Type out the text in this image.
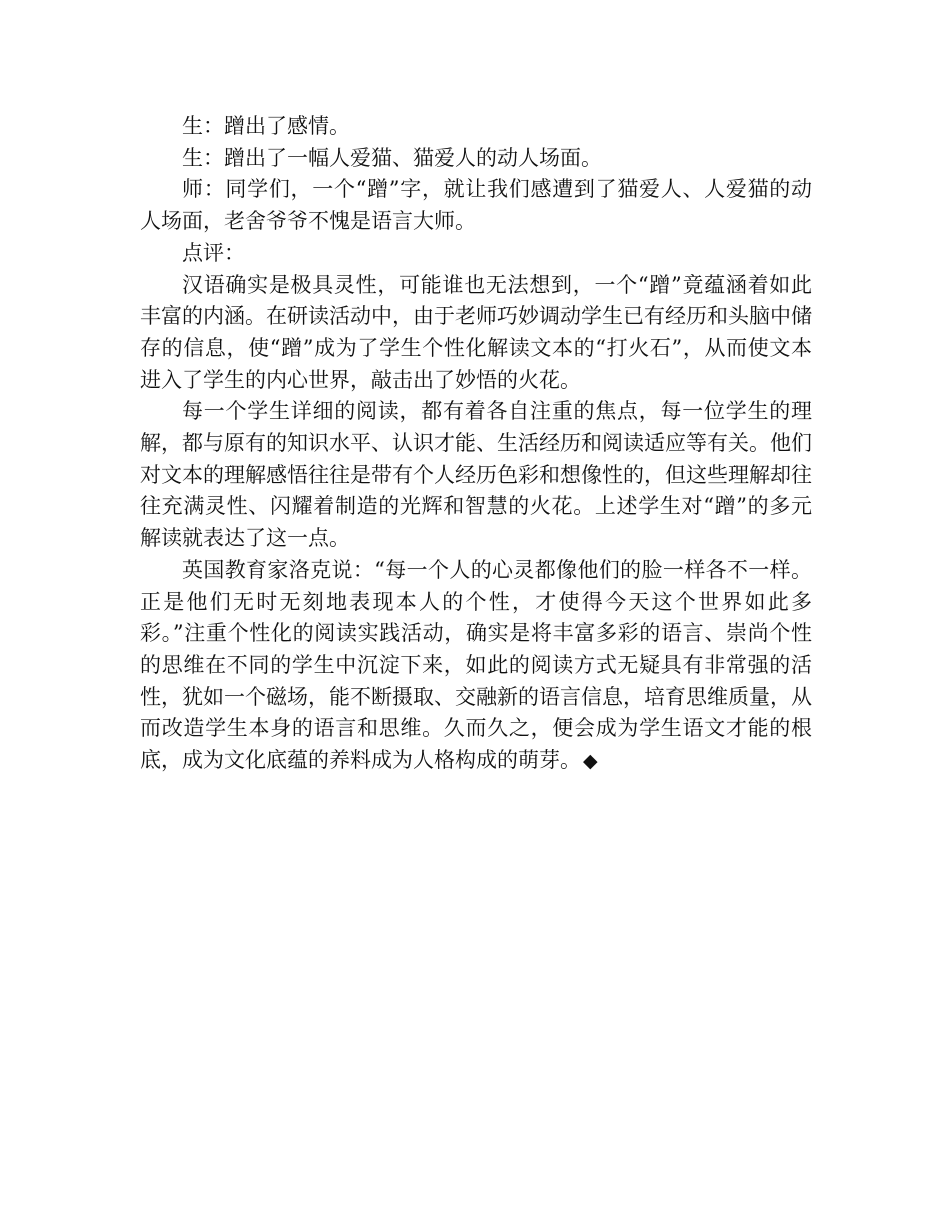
生：蹭出了感情。

生：蹭出了一幅人爱猫、猫爱人的动人场面。

师：同学们，一个“蹭”字，就让我们感遭到了猫爱人、人爱猫的动人场面，老舍爷爷不愧是语言大师。

点评：

汉语确实是极具灵性，可能谁也无法想到，一个“蹭”竟蕴涵着如此丰富的内涵。在研读活动中，由于老师巧妙调动学生已有经历和头脑中储存的信息，使“蹭”成为了学生个性化解读文本的“打火石”，从而使文本进入了学生的内心世界，敲击出了妙悟的火花。

每一个学生详细的阅读，都有着各自注重的焦点，每一位学生的理解，都与原有的知识水平、认识才能、生活经历和阅读适应等有关。他们对文本的理解感悟往往是带有个人经历色彩和想像性的，但这些理解却往往充满灵性、闪耀着制造的光辉和智慧的火花。上述学生对“蹭”的多元解读就表达了这一点。

英国教育家洛克说：“每一个人的心灵都像他们的脸一样各不一样。正是他们无时无刻地表现本人的个性，才使得今天这个世界如此多彩。”注重个性化的阅读实践活动，确实是将丰富多彩的语言、崇尚个性的思维在不同的学生中沉淀下来，如此的阅读方式无疑具有非常强的活性，犹如一个磁场，能不断摄取、交融新的语言信息，培育思维质量，从而改造学生本身的语言和思维。久而久之，便会成为学生语文才能的根底，成为文化底蕴的养料成为人格构成的萌芽。 ◆
